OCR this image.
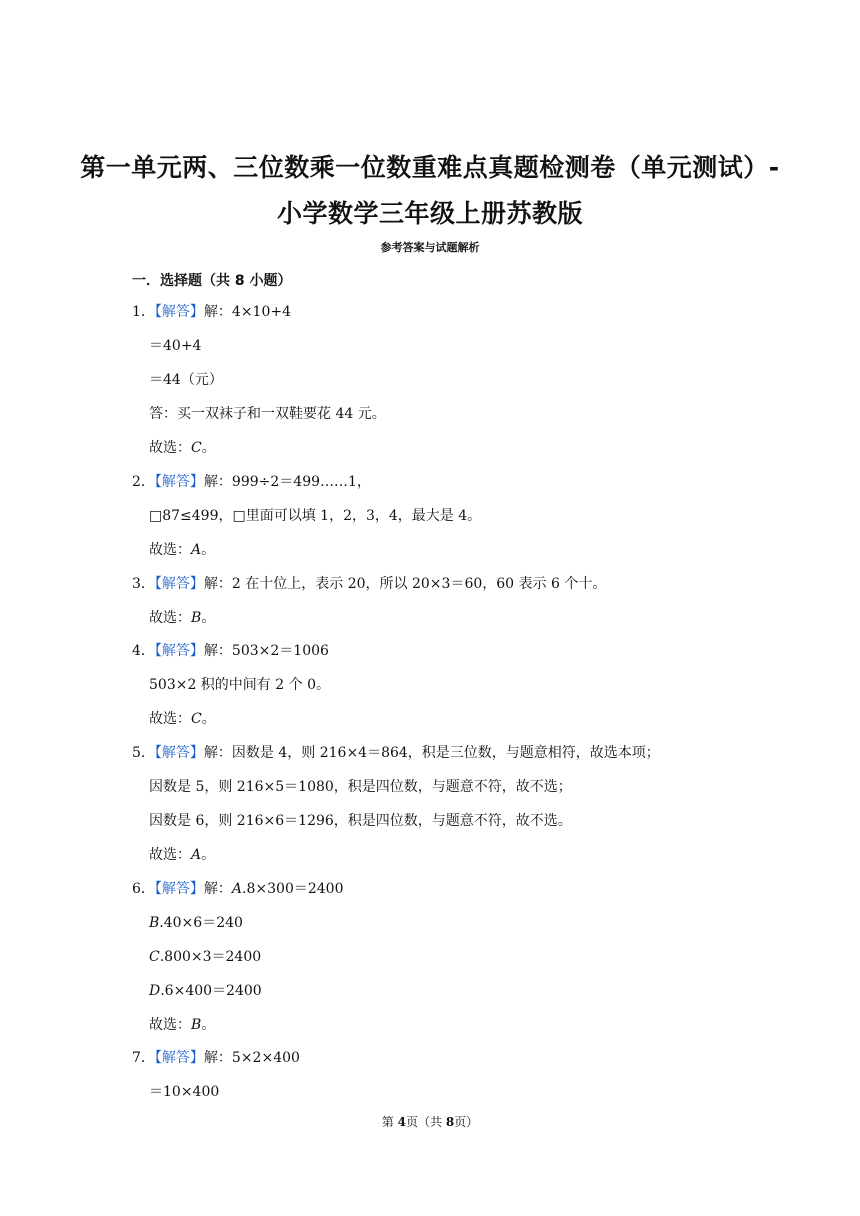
第一单元两、三位数乘一位数重难点真题检测卷（单元测试）-
小学数学三年级上册苏教版
参考答案与试题解析
一．选择题（共 8 小题）
1．【解答】解：4×10+4
＝40+4
＝44（元）
答：买一双袜子和一双鞋要花 44 元。
故选：C。
2．【解答】解：999÷2＝499……1，
□87≤499，□里面可以填 1，2，3，4，最大是 4。
故选：A。
3．【解答】解：2 在十位上，表示 20，所以 20×3＝60，60 表示 6 个十。
故选：B。
4．【解答】解：503×2＝1006
503×2 积的中间有 2 个 0。
故选：C。
5．【解答】解：因数是 4，则 216×4＝864，积是三位数，与题意相符，故选本项；
因数是 5，则 216×5＝1080，积是四位数，与题意不符，故不选；
因数是 6，则 216×6＝1296，积是四位数，与题意不符，故不选。
故选：A。
6．【解答】解：A.8×300＝2400
B.40×6＝240
C.800×3＝2400
D.6×400＝2400
故选：B。
7．【解答】解：5×2×400
＝10×400
第 4页（共 8页）
